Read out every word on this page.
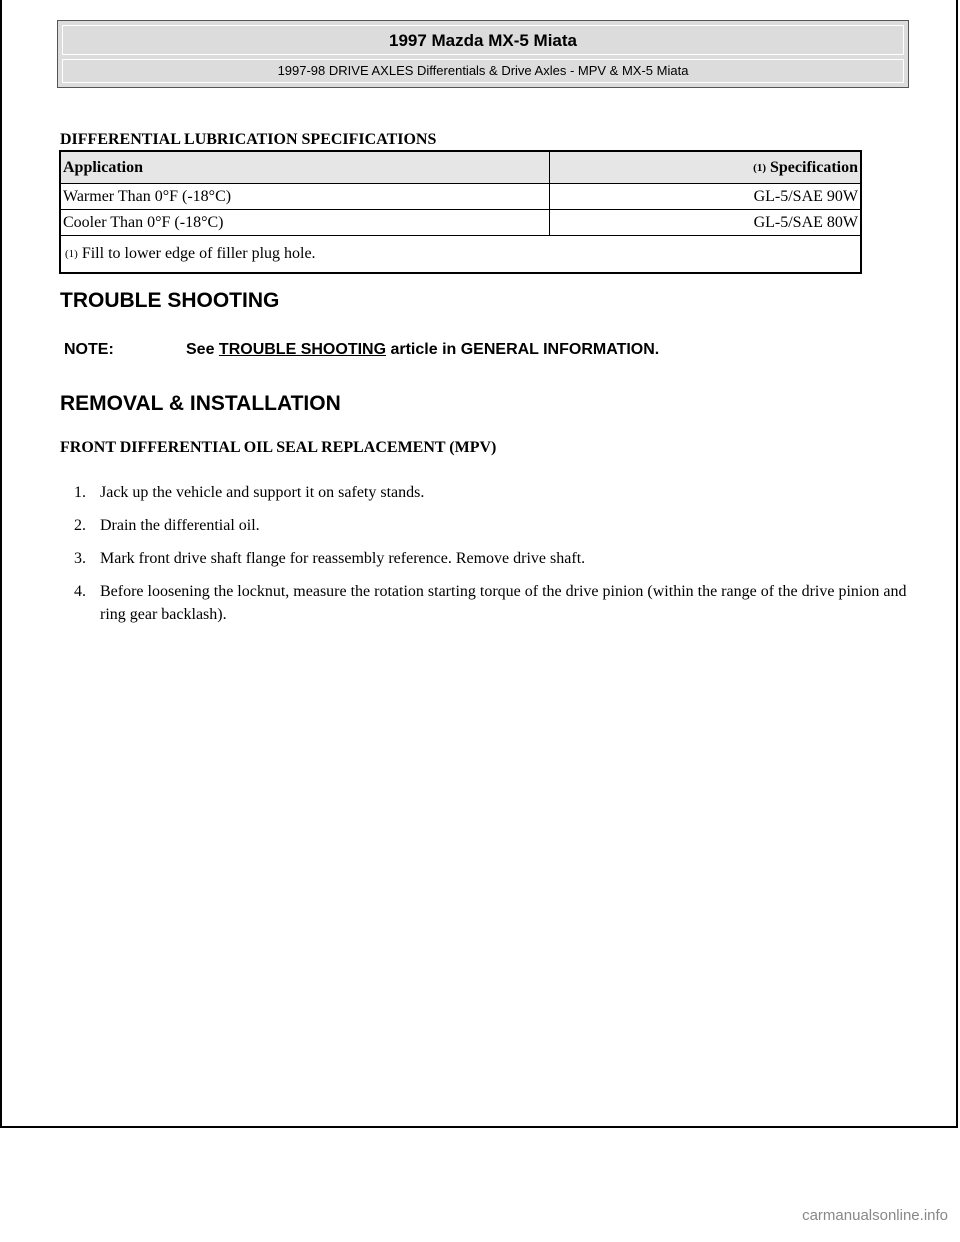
1997 Mazda MX-5 Miata
1997-98 DRIVE AXLES Differentials & Drive Axles - MPV & MX-5 Miata
DIFFERENTIAL LUBRICATION SPECIFICATIONS
Application	(1) Specification
Warmer Than 0°F (-18°C)	GL-5/SAE 90W
Cooler Than 0°F (-18°C)	GL-5/SAE 80W
(1) Fill to lower edge of filler plug hole.
TROUBLE SHOOTING
NOTE:	See TROUBLE SHOOTING article in GENERAL INFORMATION.
REMOVAL & INSTALLATION
FRONT DIFFERENTIAL OIL SEAL REPLACEMENT (MPV)
1. Jack up the vehicle and support it on safety stands.
2. Drain the differential oil.
3. Mark front drive shaft flange for reassembly reference. Remove drive shaft.
4. Before loosening the locknut, measure the rotation starting torque of the drive pinion (within the range of the drive pinion and ring gear backlash).
carmanualsonline.info
